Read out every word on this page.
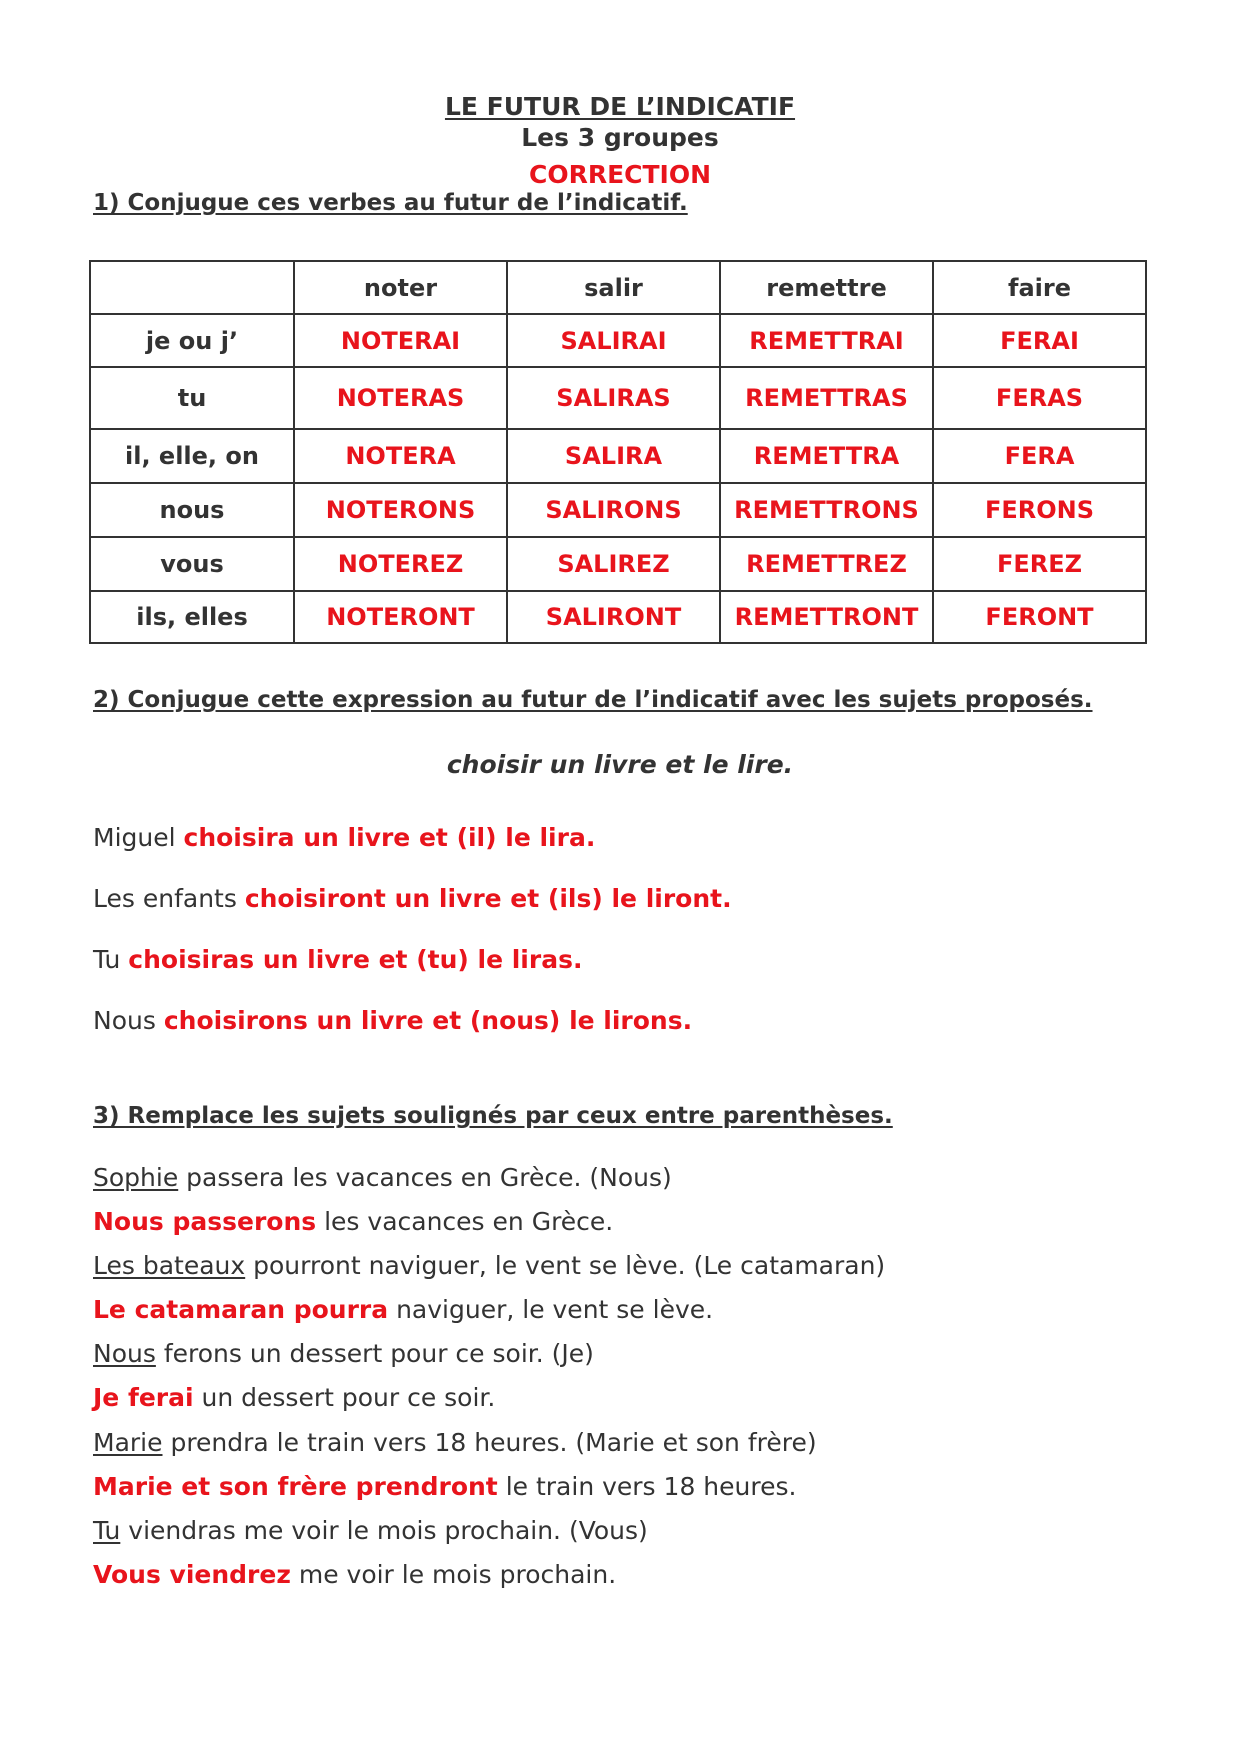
LE FUTUR DE L’INDICATIF
Les 3 groupes
CORRECTION
1) Conjugue ces verbes au futur de l’indicatif.
	noter	salir	remettre	faire
je ou j’	NOTERAI	SALIRAI	REMETTRAI	FERAI
tu	NOTERAS	SALIRAS	REMETTRAS	FERAS
il, elle, on	NOTERA	SALIRA	REMETTRA	FERA
nous	NOTERONS	SALIRONS	REMETTRONS	FERONS
vous	NOTEREZ	SALIREZ	REMETTREZ	FEREZ
ils, elles	NOTERONT	SALIRONT	REMETTRONT	FERONT
2) Conjugue cette expression au futur de l’indicatif avec les sujets proposés.
choisir un livre et le lire.
Miguel choisira un livre et (il) le lira.
Les enfants choisiront un livre et (ils) le liront.
Tu choisiras un livre et (tu) le liras.
Nous choisirons un livre et (nous) le lirons.
3) Remplace les sujets soulignés par ceux entre parenthèses.
Sophie passera les vacances en Grèce. (Nous)
Nous passerons les vacances en Grèce.
Les bateaux pourront naviguer, le vent se lève. (Le catamaran)
Le catamaran pourra naviguer, le vent se lève.
Nous ferons un dessert pour ce soir. (Je)
Je ferai un dessert pour ce soir.
Marie prendra le train vers 18 heures. (Marie et son frère)
Marie et son frère prendront le train vers 18 heures.
Tu viendras me voir le mois prochain. (Vous)
Vous viendrez me voir le mois prochain.
